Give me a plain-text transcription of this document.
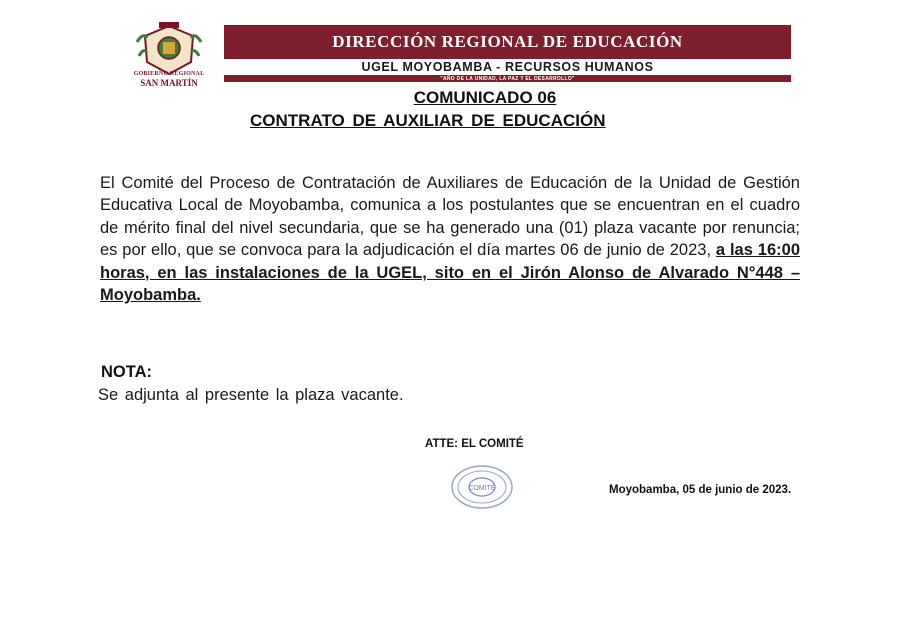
GOBIERNO REGIONAL
SAN MARTÍN
DIRECCIÓN REGIONAL DE EDUCACIÓN
UGEL MOYOBAMBA - RECURSOS HUMANOS
"AÑO DE LA UNIDAD, LA PAZ Y EL DESARROLLO"
COMUNICADO 06
CONTRATO DE AUXILIAR DE EDUCACIÓN
El Comité del Proceso de Contratación de Auxiliares de Educación de la Unidad de Gestión Educativa Local de Moyobamba, comunica a los postulantes que se encuentran en el cuadro de mérito final del nivel secundaria, que se ha generado una (01) plaza vacante por renuncia; es por ello, que se convoca para la adjudicación el día martes 06 de junio de 2023, a las 16:00 horas, en las instalaciones de la UGEL, sito en el Jirón Alonso de Alvarado N°448 – Moyobamba.
NOTA:
Se adjunta al presente la plaza vacante.
ATTE: EL COMITÉ
COMITÉ	Moyobamba, 05 de junio de 2023.
